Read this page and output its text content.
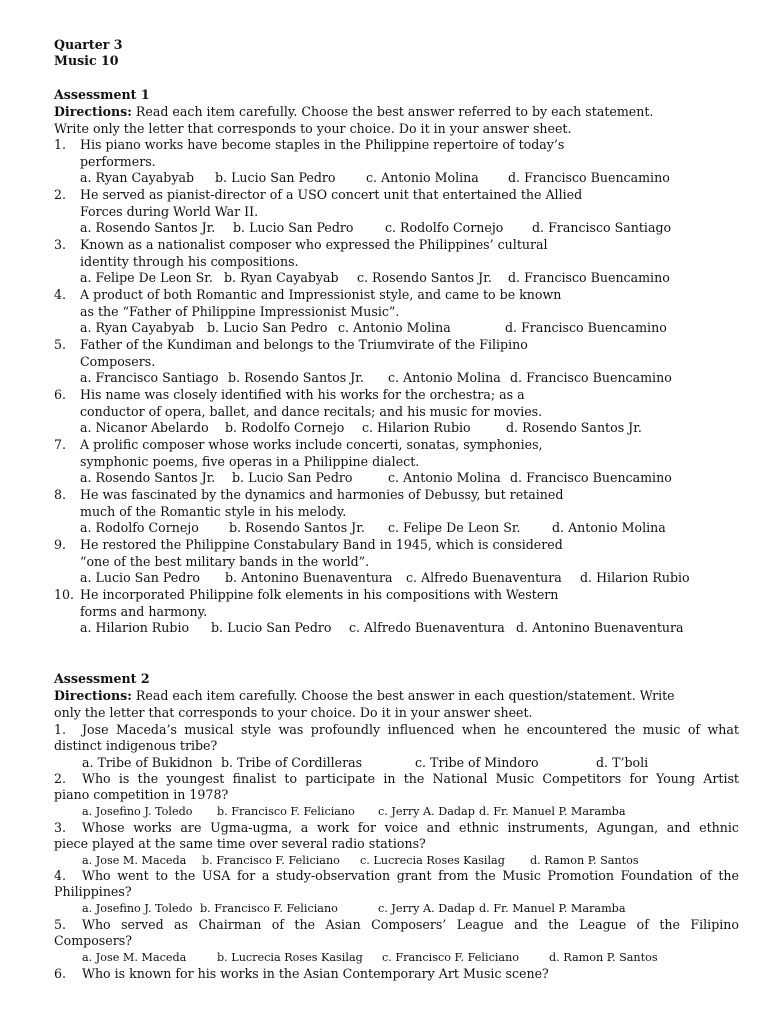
Quarter 3
Music 10
Assessment 1
Directions: Read each item carefully. Choose the best answer referred to by each statement.
Write only the letter that corresponds to your choice. Do it in your answer sheet.
1. His piano works have become staples in the Philippine repertoire of today’s
performers.
a. Ryan Cayabyab b. Lucio San Pedro c. Antonio Molina d. Francisco Buencamino
2. He served as pianist-director of a USO concert unit that entertained the Allied
Forces during World War II.
a. Rosendo Santos Jr. b. Lucio San Pedro	c. Rodolfo Cornejo d. Francisco Santiago
3. Known as a nationalist composer who expressed the Philippines’ cultural
identity through his compositions.
a. Felipe De Leon Sr. b. Ryan Cayabyab c. Rosendo Santos Jr. d. Francisco Buencamino
4. A product of both Romantic and Impressionist style, and came to be known
as the “Father of Philippine Impressionist Music”.
a. Ryan Cayabyab b. Lucio San Pedro c. Antonio Molina	d. Francisco Buencamino
5. Father of the Kundiman and belongs to the Triumvirate of the Filipino
Composers.
a. Francisco Santiago b. Rosendo Santos Jr. c. Antonio Molina d. Francisco Buencamino
6. His name was closely identified with his works for the orchestra; as a
conductor of opera, ballet, and dance recitals; and his music for movies.
a. Nicanor Abelardo b. Rodolfo Cornejo c. Hilarion Rubio	d. Rosendo Santos Jr.
7. A prolific composer whose works include concerti, sonatas, symphonies,
symphonic poems, five operas in a Philippine dialect.
a. Rosendo Santos Jr. b. Lucio San Pedro	c. Antonio Molina d. Francisco Buencamino
8. He was fascinated by the dynamics and harmonies of Debussy, but retained
much of the Romantic style in his melody.
a. Rodolfo Cornejo b. Rosendo Santos Jr. c. Felipe De Leon Sr.	d. Antonio Molina
9. He restored the Philippine Constabulary Band in 1945, which is considered
“one of the best military bands in the world”.
a. Lucio San Pedro b. Antonino Buenaventura c. Alfredo Buenaventura d. Hilarion Rubio
10. He incorporated Philippine folk elements in his compositions with Western
forms and harmony.
a. Hilarion Rubio b. Lucio San Pedro c. Alfredo Buenaventura d. Antonino Buenaventura
Assessment 2
Directions: Read each item carefully. Choose the best answer in each question/statement. Write
only the letter that corresponds to your choice. Do it in your answer sheet.
1. Jose Maceda’s musical style was profoundly influenced when he encountered the music of what
distinct indigenous tribe?
a. Tribe of Bukidnon b. Tribe of Cordilleras	c. Tribe of Mindoro	d. T’boli
2. Who is the youngest finalist to participate in the National Music Competitors for Young Artist
piano competition in 1978?
a. Josefino J. Toledo b. Francisco F. Feliciano c. Jerry A. Dadap d. Fr. Manuel P. Maramba
3. Whose works are Ugma-ugma, a work for voice and ethnic instruments, Agungan, and ethnic
piece played at the same time over several radio stations?
a. Jose M. Maceda b. Francisco F. Feliciano c. Lucrecia Roses Kasilag d. Ramon P. Santos
4. Who went to the USA for a study-observation grant from the Music Promotion Foundation of the
Philippines?
a. Josefino J. Toledo b. Francisco F. Feliciano	c. Jerry A. Dadap d. Fr. Manuel P. Maramba
5. Who served as Chairman of the Asian Composers’ League and the League of the Filipino
Composers?
a. Jose M. Maceda	b. Lucrecia Roses Kasilag c. Francisco F. Feliciano	d. Ramon P. Santos
6. Who is known for his works in the Asian Contemporary Art Music scene?
